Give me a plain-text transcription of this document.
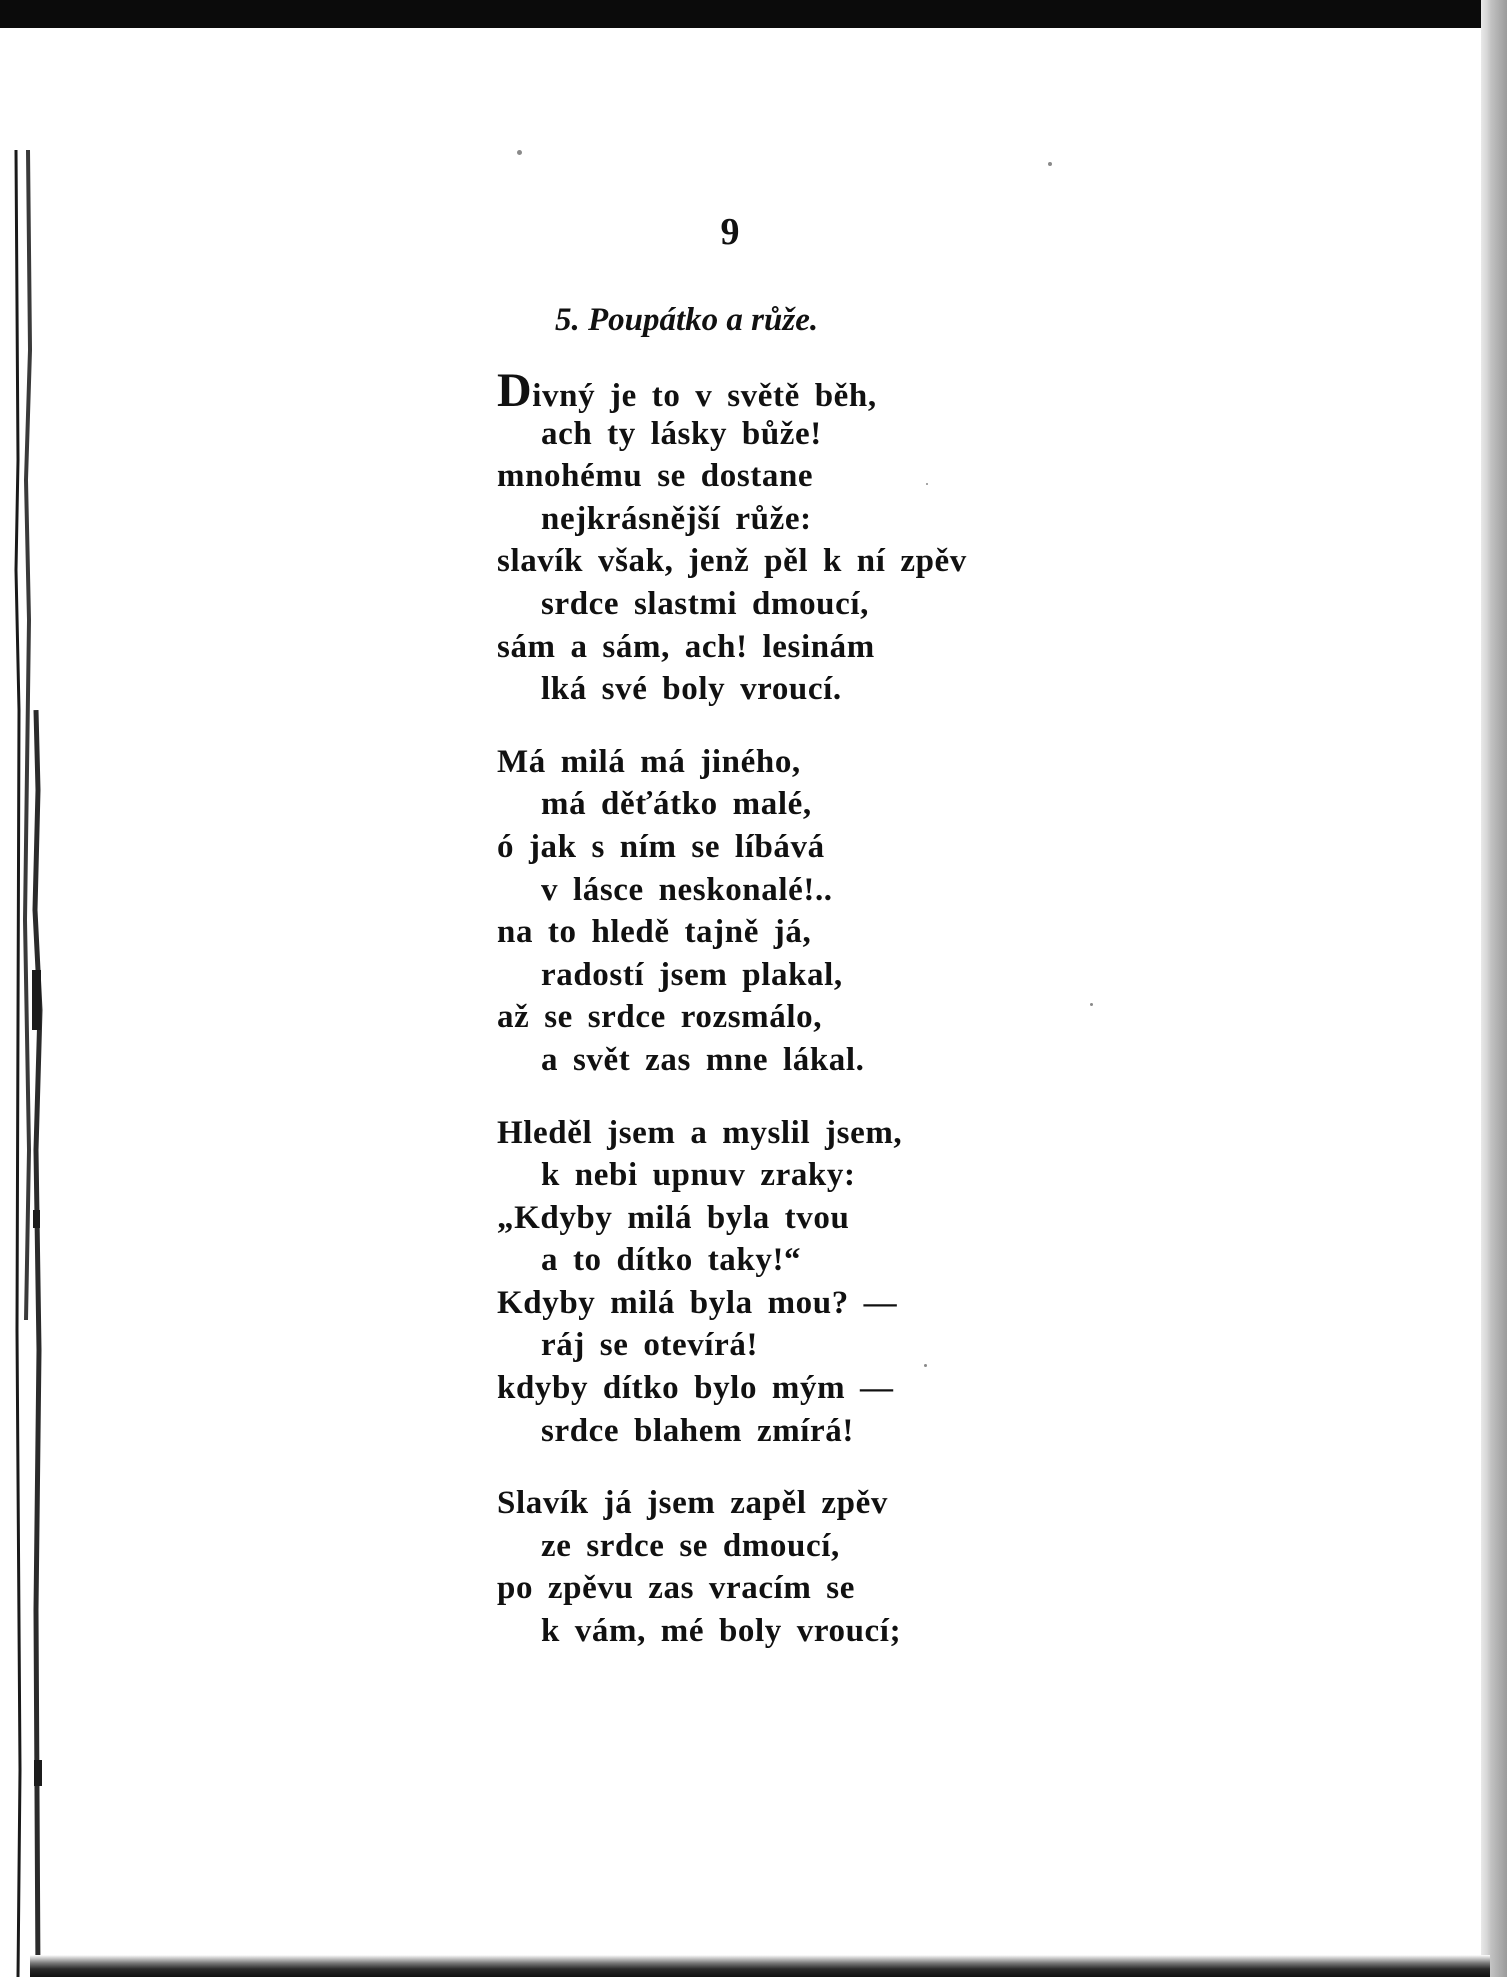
9
5. Poupátko a růže.
Divný je to v světě běh,
ach ty lásky bůže!
mnohému se dostane
nejkrásnější růže:
slavík však, jenž pěl k ní zpěv
srdce slastmi dmoucí,
sám a sám, ach! lesinám
lká své boly vroucí.
Má milá má jiného,
má děťátko malé,
ó jak s ním se líbává
v lásce neskonalé!..
na to hledě tajně já,
radostí jsem plakal,
až se srdce rozsmálo,
a svět zas mne lákal.
Hleděl jsem a myslil jsem,
k nebi upnuv zraky:
„Kdyby milá byla tvou
a to dítko taky!“
Kdyby milá byla mou? —
ráj se otevírá!
kdyby dítko bylo mým —
srdce blahem zmírá!
Slavík já jsem zapěl zpěv
ze srdce se dmoucí,
po zpěvu zas vracím se
k vám, mé boly vroucí;
